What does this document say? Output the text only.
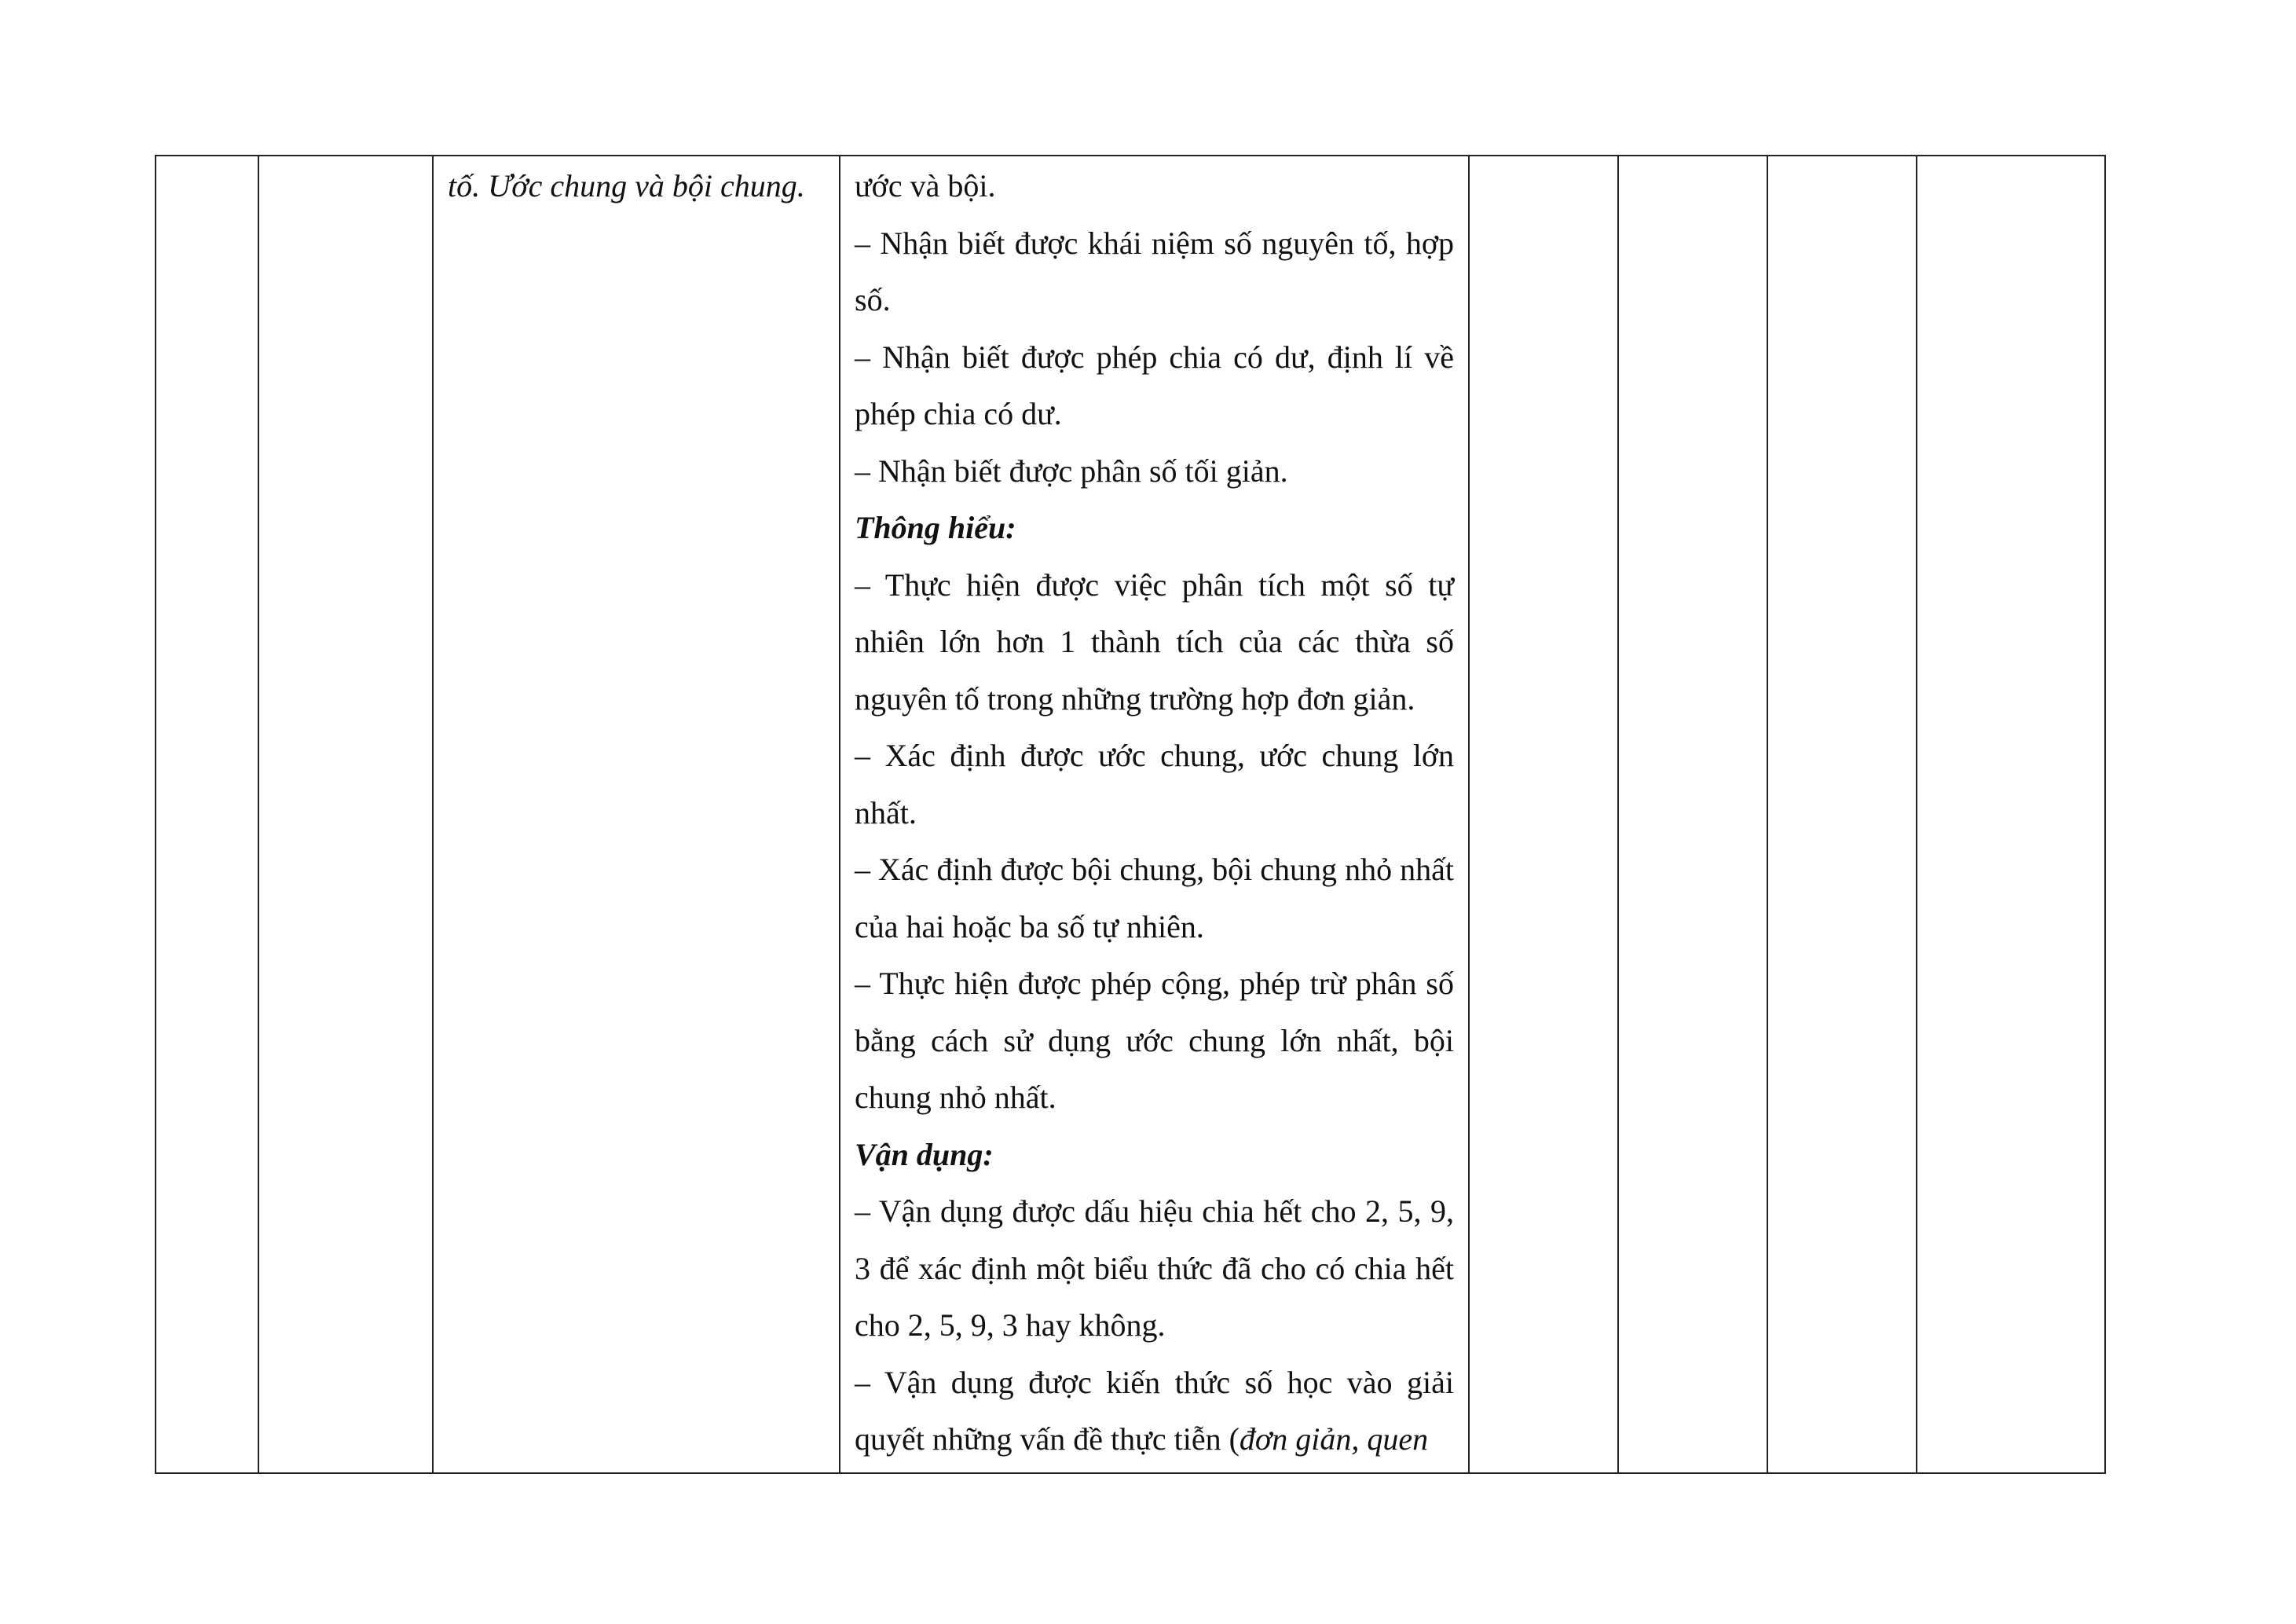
		tố. Ước chung và bội chung.	ước và bội.

– Nhận biết được khái niệm số nguyên tố, hợp số.

– Nhận biết được phép chia có dư, định lí về phép chia có dư.

– Nhận biết được phân số tối giản.

Thông hiểu:

– Thực hiện được việc phân tích một số tự nhiên lớn hơn 1 thành tích của các thừa số nguyên tố trong những trường hợp đơn giản.

– Xác định được ước chung, ước chung lớn nhất.

– Xác định được bội chung, bội chung nhỏ nhất của hai hoặc ba số tự nhiên.

– Thực hiện được phép cộng, phép trừ phân số bằng cách sử dụng ước chung lớn nhất, bội chung nhỏ nhất.

Vận dụng:

– Vận dụng được dấu hiệu chia hết cho 2, 5, 9, 3 để xác định một biểu thức đã cho có chia hết cho 2, 5, 9, 3 hay không.

– Vận dụng được kiến thức số học vào giải quyết những vấn đề thực tiễn (đơn giản, quen
